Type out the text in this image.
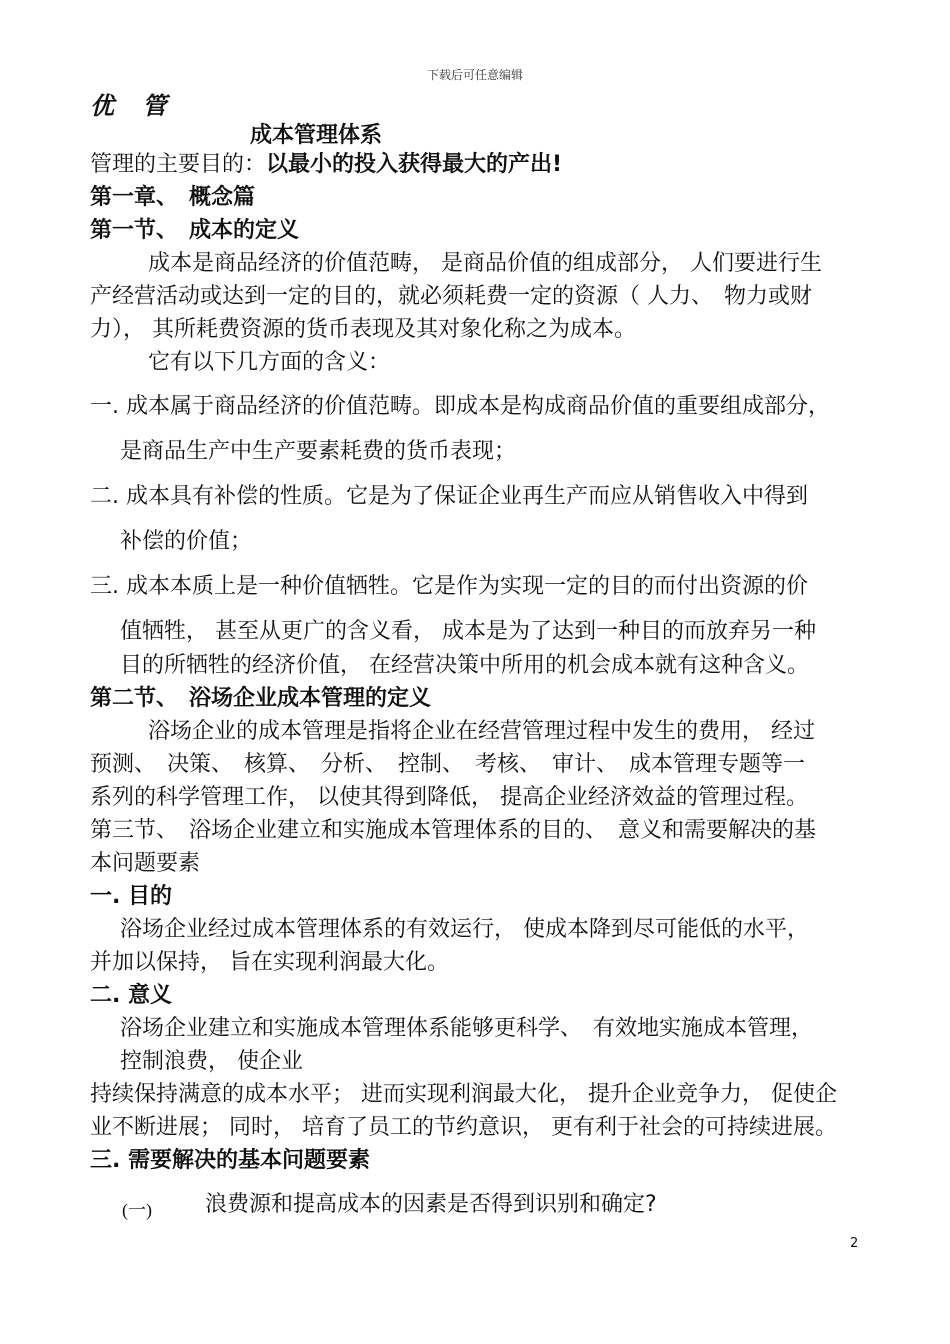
下载后可任意编辑
优 管
成本管理体系
管理的主要目的：以最小的投入获得最大的产出!
第一章、　概念篇
第一节、　成本的定义
成本是商品经济的价值范畴， 是商品价值的组成部分， 人们要进行生
产经营活动或达到一定的目的，就必须耗费一定的资源（ 人力、　物力或财
力）， 其所耗费资源的货币表现及其对象化称之为成本。
它有以下几方面的含义：
一. 成本属于商品经济的价值范畴。即成本是构成商品价值的重要组成部分，
是商品生产中生产要素耗费的货币表现；
二. 成本具有补偿的性质。它是为了保证企业再生产而应从销售收入中得到
补偿的价值；
三. 成本本质上是一种价值牺牲。它是作为实现一定的目的而付出资源的价
值牺牲， 甚至从更广的含义看， 成本是为了达到一种目的而放弃另一种
目的所牺牲的经济价值， 在经营决策中所用的机会成本就有这种含义。
第二节、　浴场企业成本管理的定义
浴场企业的成本管理是指将企业在经营管理过程中发生的费用， 经过
预测、　决策、　核算、　分析、　控制、　考核、　审计、　成本管理专题等一
系列的科学管理工作， 以使其得到降低， 提高企业经济效益的管理过程。
第三节、　浴场企业建立和实施成本管理体系的目的、　意义和需要解决的基
本问题要素
一. 目的
浴场企业经过成本管理体系的有效运行， 使成本降到尽可能低的水平，
并加以保持， 旨在实现利润最大化。
二. 意义
浴场企业建立和实施成本管理体系能够更科学、　有效地实施成本管理，
控制浪费， 使企业
持续保持满意的成本水平； 进而实现利润最大化， 提升企业竞争力， 促使企
业不断进展； 同时， 培育了员工的节约意识， 更有利于社会的可持续进展。
三. 需要解决的基本问题要素
(一) 浪费源和提高成本的因素是否得到识别和确定?
2
